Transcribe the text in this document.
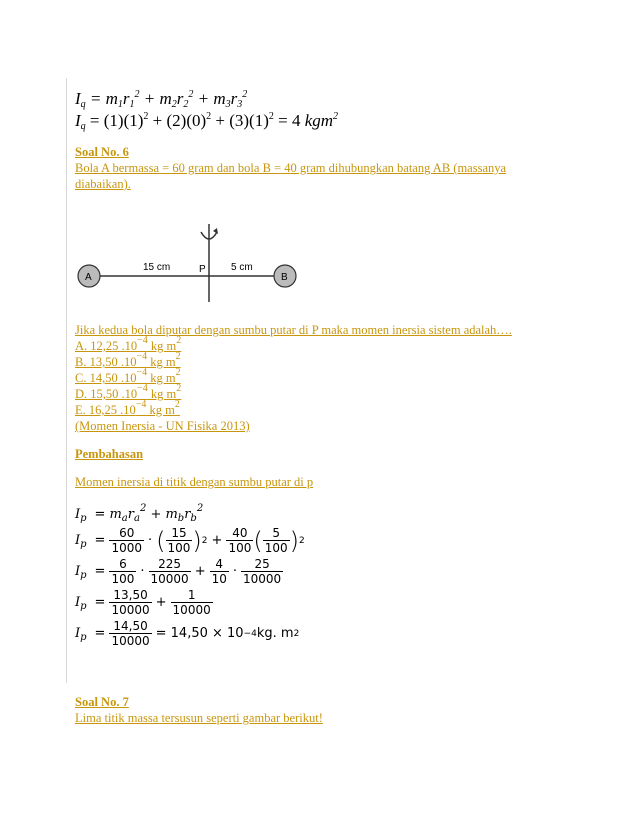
$I_q = m_1r_1^2 + m_2r_2^2 + m_3r_3^2$
$I_q = (1)(1)^2 + (2)(0)^2 + (3)(1)^2 = 4$ kgm$^2$
Soal No. 6
Bola A bermassa = 60 gram dan bola B = 40 gram dihubungkan batang AB (massanya diabaikan).
A	B
P
15 cm	5 cm
Jika kedua bola diputar dengan sumbu putar di P maka momen inersia sistem adalah….
A. 12,25 $.10^{-4}$ kg $m^2$
B. 13,50 $.10^{-4}$ kg $m^2$
C. 14,50 $.10^{-4}$ kg $m^2$
D. 15,50 $.10^{-4}$ kg $m^2$
E. 16,25 $.10^{-4}$ kg $m^2$
(Momen Inersia - UN Fisika 2013)
Pembahasan
Momen inersia di titik dengan sumbu putar di p
$I_p = m_ar_a^2 + m_br_b^2$
$I_p = \frac{60}{1000}$ · ( $\frac{15}{100}$ ) $2 + \frac{40}{100}$ ( $\frac{5}{100}$ ) 2
$I_p = \frac{6}{100} \cdot \frac{225}{10000} + \frac{4}{10} \cdot \frac{25}{10000}$
$I_p = \frac{13,50}{10000} + \frac{1}{10000}$
$I_p = \frac{14,50}{10000} = 14,50 \times 10 -4$ kg. m 2
Soal No. 7
Lima titik massa tersusun seperti gambar berikut!
